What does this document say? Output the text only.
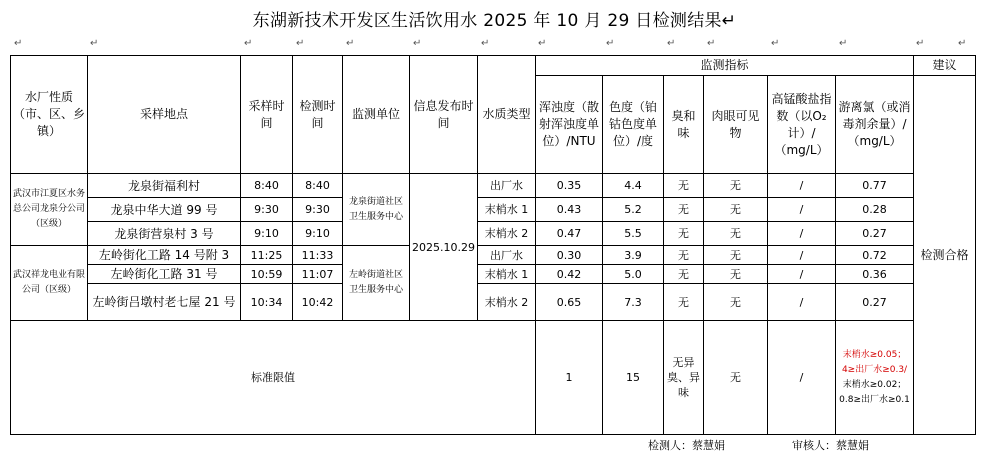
东湖新技术开发区生活饮用水 2025 年 10 月 29 日检测结果↵
↵	↵	↵	↵	↵	↵	↵	↵	↵	↵	↵	↵	↵	↵	↵
水厂性质（市、区、乡镇）	采样地点	采样时间	检测时间	监测单位	信息发布时间	水质类型	监测指标						建议
							浑浊度（散射浑浊度单位）/NTU	色度（铂钴色度单位）/度	臭和味	肉眼可见物	高锰酸盐指数（以O₂计）/（mg/L）	游离氯（或消毒剂余量）/（mg/L）	检测合格
武汉市江夏区水务总公司龙泉分公司（区级）	龙泉街福利村	8:40	8:40	龙泉街道社区卫生服务中心	2025.10.29	出厂水	0.35	4.4	无	无	/	0.77	
	龙泉中华大道 99 号	9:30	9:30			末梢水 1	0.43	5.2	无	无	/	0.28	
	龙泉街营泉村 3 号	9:10	9:10			末梢水 2	0.47	5.5	无	无	/	0.27	
武汉祥龙电业有限公司（区级）	左岭街化工路 14 号附 3	11:25	11:33	左岭街道社区卫生服务中心		出厂水	0.30	3.9	无	无	/	0.72	
	左岭街化工路 31 号	10:59	11:07			末梢水 1	0.42	5.0	无	无	/	0.36	
	左岭街吕墩村老七屋 21 号	10:34	10:42			末梢水 2	0.65	7.3	无	无	/	0.27	
标准限值							1	15	无异臭、异味	无	/	末梢水≥0.05；4≥出厂水≥0.3/
末梢水≥0.02；0.8≥出厂水≥0.1	
检测人：蔡慧娟	审核人：蔡慧娟
